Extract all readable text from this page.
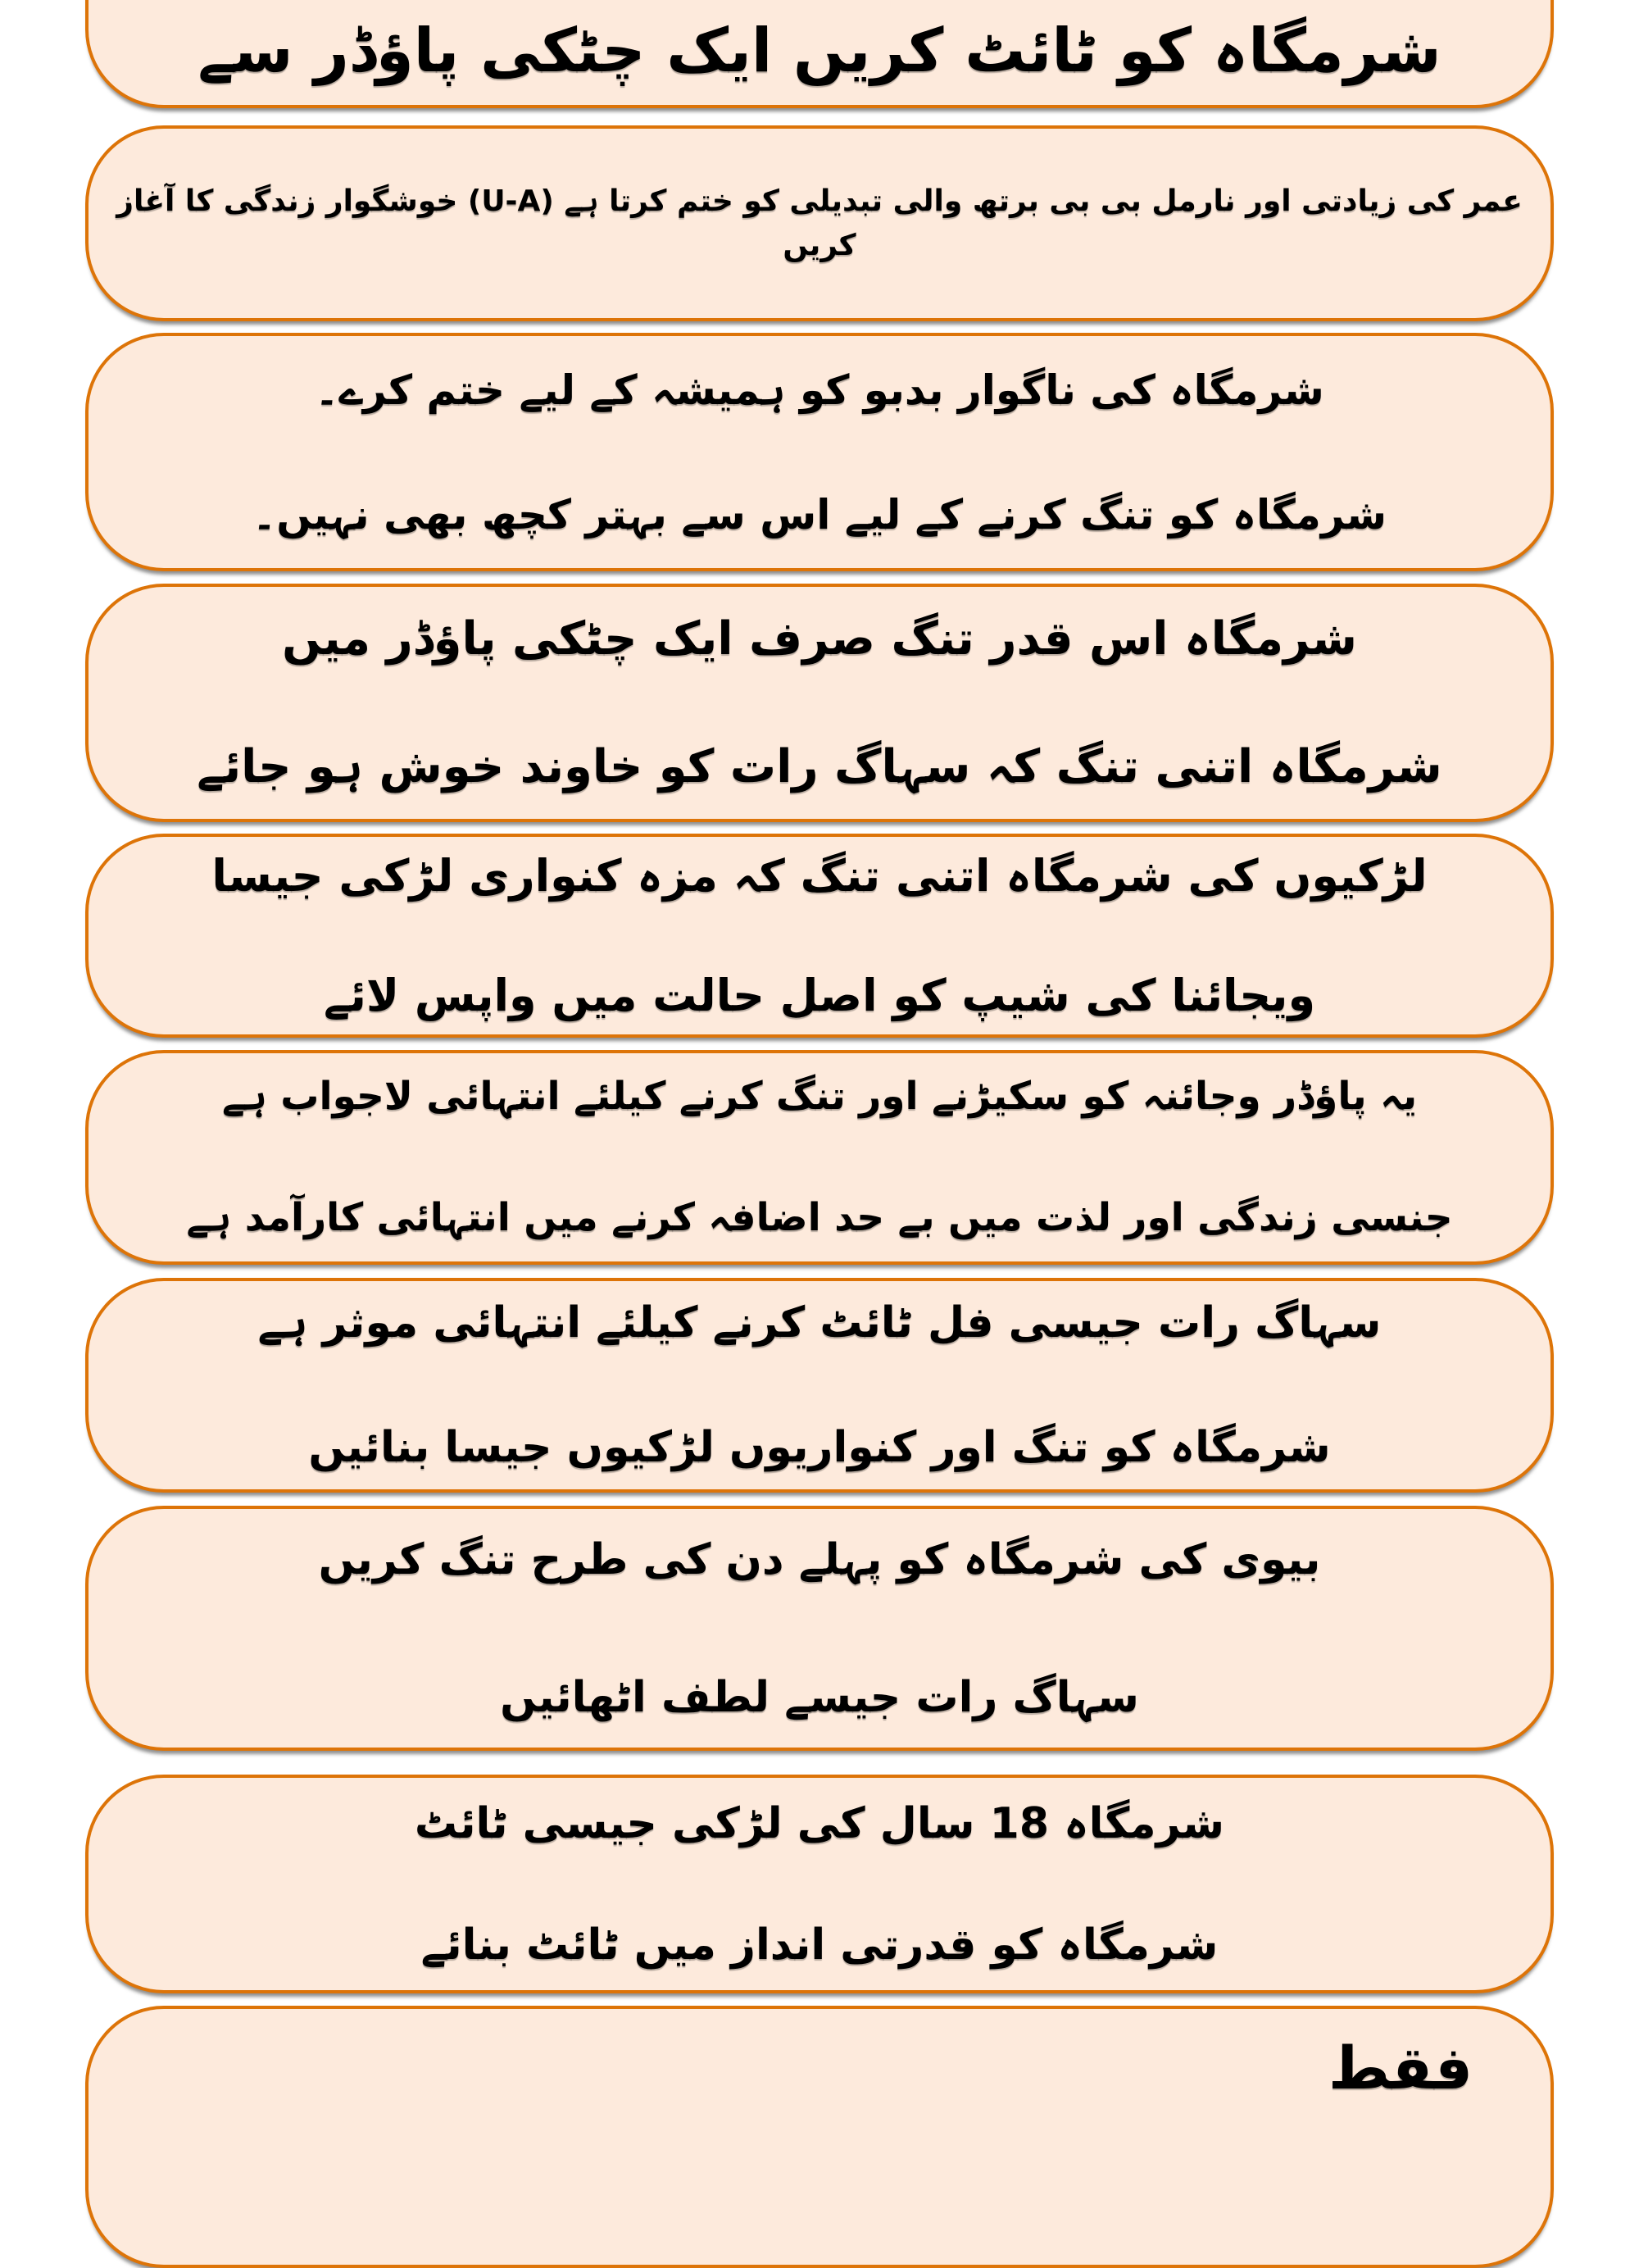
شرمگاہ کو ٹائٹ کریں ایک چٹکی پاؤڈر سے
عمر کی زیادتی اور نارمل بی بی برتھ والی تبدیلی کو ختم کرتا ہے (U-A) خوشگوار زندگی کا آغاز کریں
شرمگاہ کی ناگوار بدبو کو ہمیشہ کے لیے ختم کرے۔
شرمگاہ کو تنگ کرنے کے لیے اس سے بہتر کچھ بھی نہیں۔
شرمگاہ اس قدر تنگ صرف ایک چٹکی پاؤڈر میں
شرمگاہ اتنی تنگ کہ سہاگ رات کو خاوند خوش ہو جائے
لڑکیوں کی شرمگاہ اتنی تنگ کہ مزہ کنواری لڑکی جیسا
ویجائنا کی شیپ کو اصل حالت میں واپس لائے
یہ پاؤڈر وجائنہ کو سکیڑنے اور تنگ کرنے کیلئے انتہائی لاجواب ہے
جنسی زندگی اور لذت میں بے حد اضافہ کرنے میں انتہائی کارآمد ہے
سہاگ رات جیسی فل ٹائٹ کرنے کیلئے انتہائی موثر ہے
شرمگاہ کو تنگ اور کنواریوں لڑکیوں جیسا بنائیں
بیوی کی شرمگاہ کو پہلے دن کی طرح تنگ کریں
سہاگ رات جیسے لطف اٹھائیں
شرمگاہ 18 سال کی لڑکی جیسی ٹائٹ
شرمگاہ کو قدرتی انداز میں ٹائٹ بنائے
فقط
